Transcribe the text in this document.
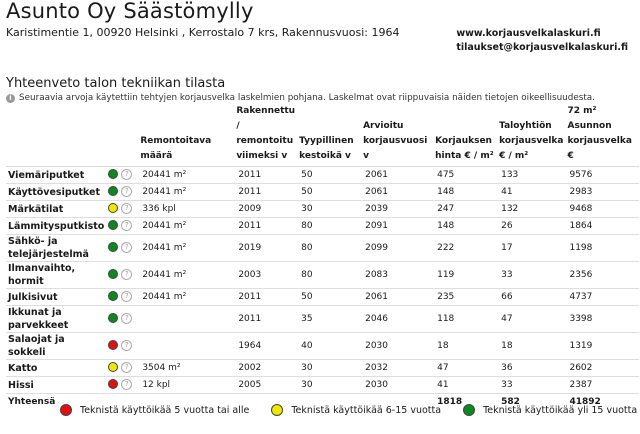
Asunto Oy Säästömylly
Karistimentie 1, 00920 Helsinki , Kerrostalo 7 krs, Rakennusvuosi: 1964	www.korjausvelkalaskuri.fi
tilaukset@korjausvelkalaskuri.fi
Yhteenveto talon tekniikan tilasta
i Seuraavia arvoja käytettiin tehtyjen korjausvelka laskelmien pohjana. Laskelmat ovat riippuvaisia näiden tietojen oikeellisuudesta.
		Remontoitava määrä	Rakennettu / remontoitu viimeksi v	Tyypillinen kestoikä v	Arvioitu korjausvuosi v	Korjauksen hinta € / m²	Taloyhtiön korjausvelka € / m²	72 m²
Asunnon korjausvelka €
Viemäriputket	?	20441 m²	2011	50	2061	475	133	9576
Käyttövesiputket	?	20441 m²	2011	50	2061	148	41	2983
Märkätilat	?	336 kpl	2009	30	2039	247	132	9468
Lämmitysputkisto	?	20441 m²	2011	80	2091	148	26	1864
Sähkö- ja telejärjestelmä	?	20441 m²	2019	80	2099	222	17	1198
Ilmanvaihto, hormit	?	20441 m²	2003	80	2083	119	33	2356
Julkisivut	?	20441 m²	2011	50	2061	235	66	4737
Ikkunat ja parvekkeet	?		2011	35	2046	118	47	3398
Salaojat ja sokkeli	?		1964	40	2030	18	18	1319
Katto	?	3504 m²	2002	30	2032	47	36	2602
Hissi	?	12 kpl	2005	30	2030	41	33	2387
Yhteensä						1818	582	41892
Teknistä käyttöikää 5 vuotta tai alle	Teknistä käyttöikää 6-15 vuotta	Teknistä käyttöikää yli 15 vuotta
